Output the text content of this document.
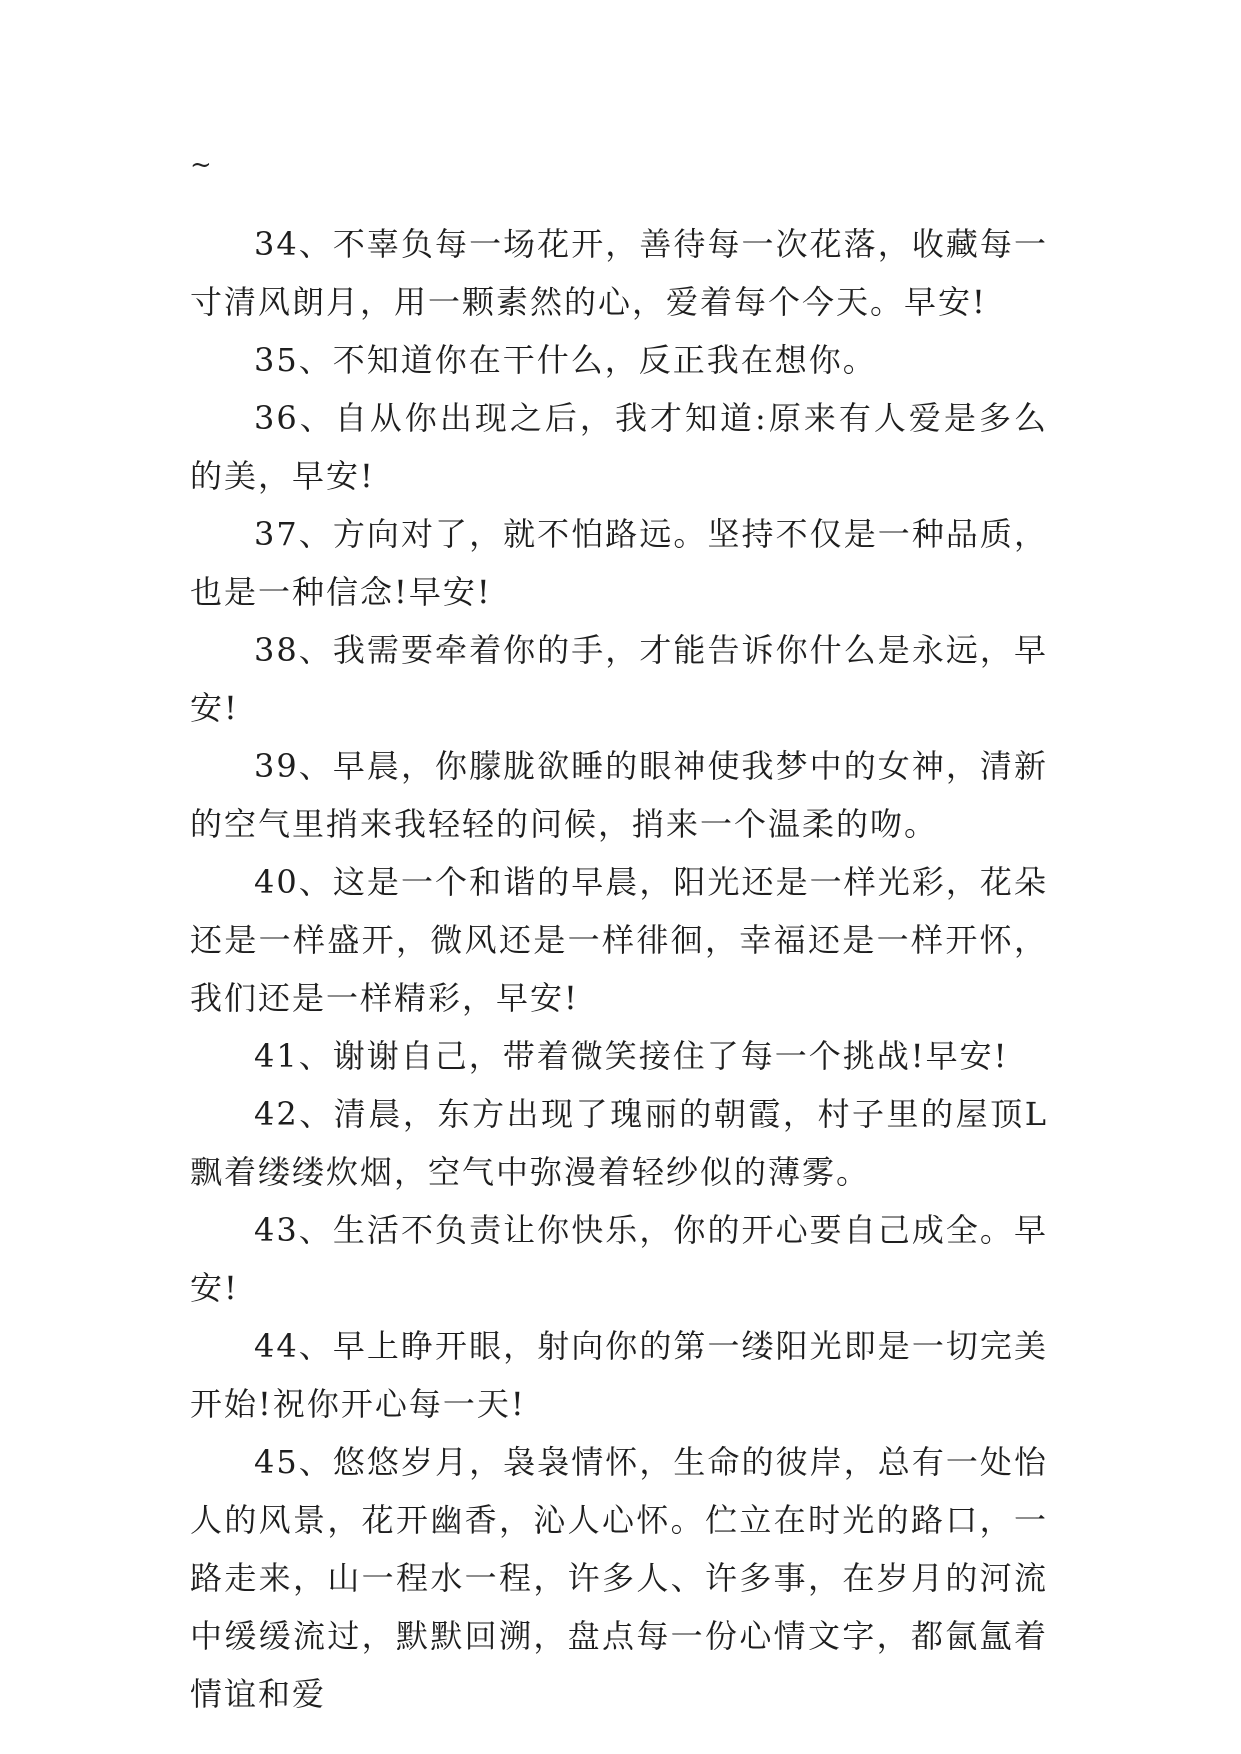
~

34、不辜负每一场花开，善待每一次花落，收藏每一寸清风朗月，用一颗素然的心，爱着每个今天。早安!

35、不知道你在干什么，反正我在想你。

36、自从你出现之后，我才知道:原来有人爱是多么的美，早安!

37、方向对了，就不怕路远。坚持不仅是一种品质，也是一种信念!早安!

38、我需要牵着你的手，才能告诉你什么是永远，早安!

39、早晨，你朦胧欲睡的眼神使我梦中的女神，清新的空气里捎来我轻轻的问候，捎来一个温柔的吻。

40、这是一个和谐的早晨，阳光还是一样光彩，花朵还是一样盛开，微风还是一样徘徊，幸福还是一样开怀，我们还是一样精彩，早安!

41、谢谢自己，带着微笑接住了每一个挑战!早安!

42、清晨，东方出现了瑰丽的朝霞，村子里的屋顶L飘着缕缕炊烟，空气中弥漫着轻纱似的薄雾。

43、生活不负责让你快乐，你的开心要自己成全。早安!

44、早上睁开眼，射向你的第一缕阳光即是一切完美开始!祝你开心每一天!

45、悠悠岁月，袅袅情怀，生命的彼岸，总有一处怡人的风景，花开幽香，沁人心怀。伫立在时光的路口，一路走来，山一程水一程，许多人、许多事，在岁月的河流中缓缓流过，默默回溯，盘点每一份心情文字，都氤氲着情谊和爱
